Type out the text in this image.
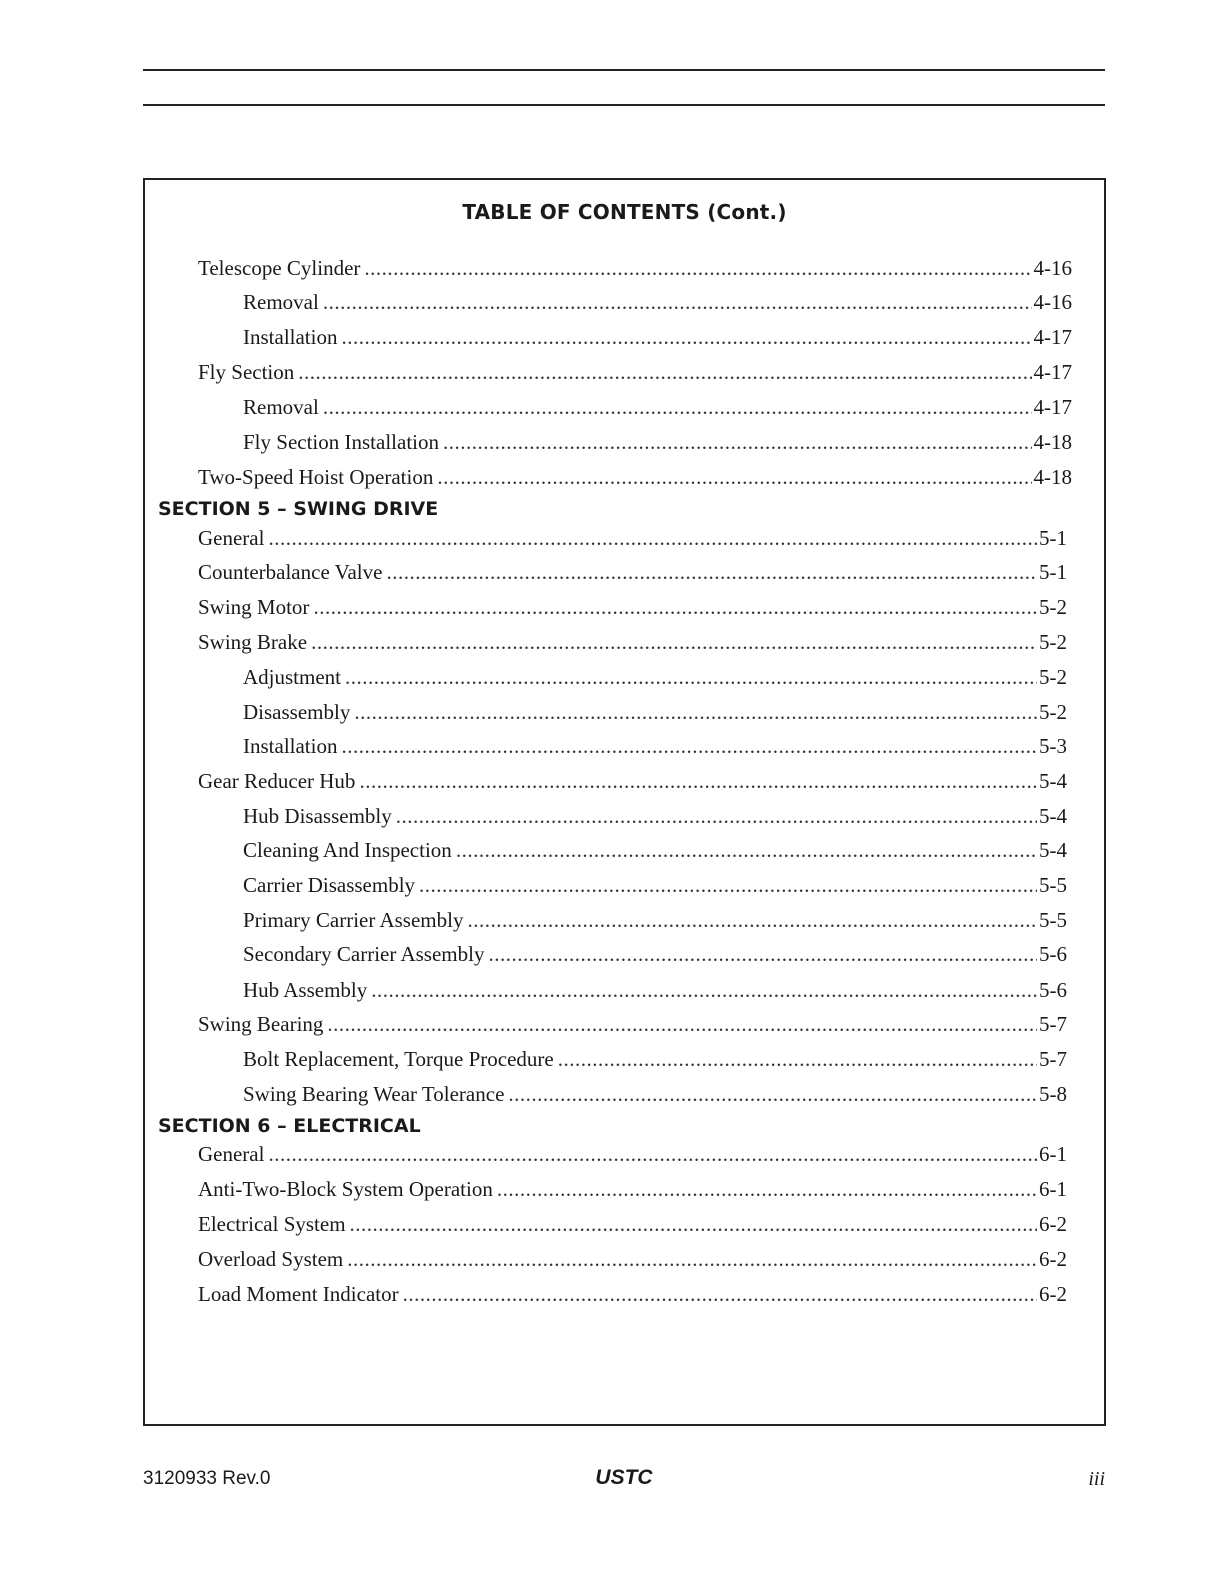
TABLE OF CONTENTS (Cont.)
Telescope Cylinder .....	4-16
Removal .....	4-16
Installation .....	4-17
Fly Section .....	4-17
Removal .....	4-17
Fly Section Installation .....	4-18
Two-Speed Hoist Operation .....	4-18
SECTION 5 – SWING DRIVE
General .....	5-1
Counterbalance Valve .....	5-1
Swing Motor .....	5-2
Swing Brake .....	5-2
Adjustment .....	5-2
Disassembly .....	5-2
Installation .....	5-3
Gear Reducer Hub .....	5-4
Hub Disassembly .....	5-4
Cleaning And Inspection .....	5-4
Carrier Disassembly .....	5-5
Primary Carrier Assembly .....	5-5
Secondary Carrier Assembly .....	5-6
Hub Assembly .....	5-6
Swing Bearing .....	5-7
Bolt Replacement, Torque Procedure .....	5-7
Swing Bearing Wear Tolerance .....	5-8
SECTION 6 – ELECTRICAL
General .....	6-1
Anti-Two-Block System Operation .....	6-1
Electrical System .....	6-2
Overload System .....	6-2
Load Moment Indicator .....	6-2
3120933 Rev.0	USTC	iii
